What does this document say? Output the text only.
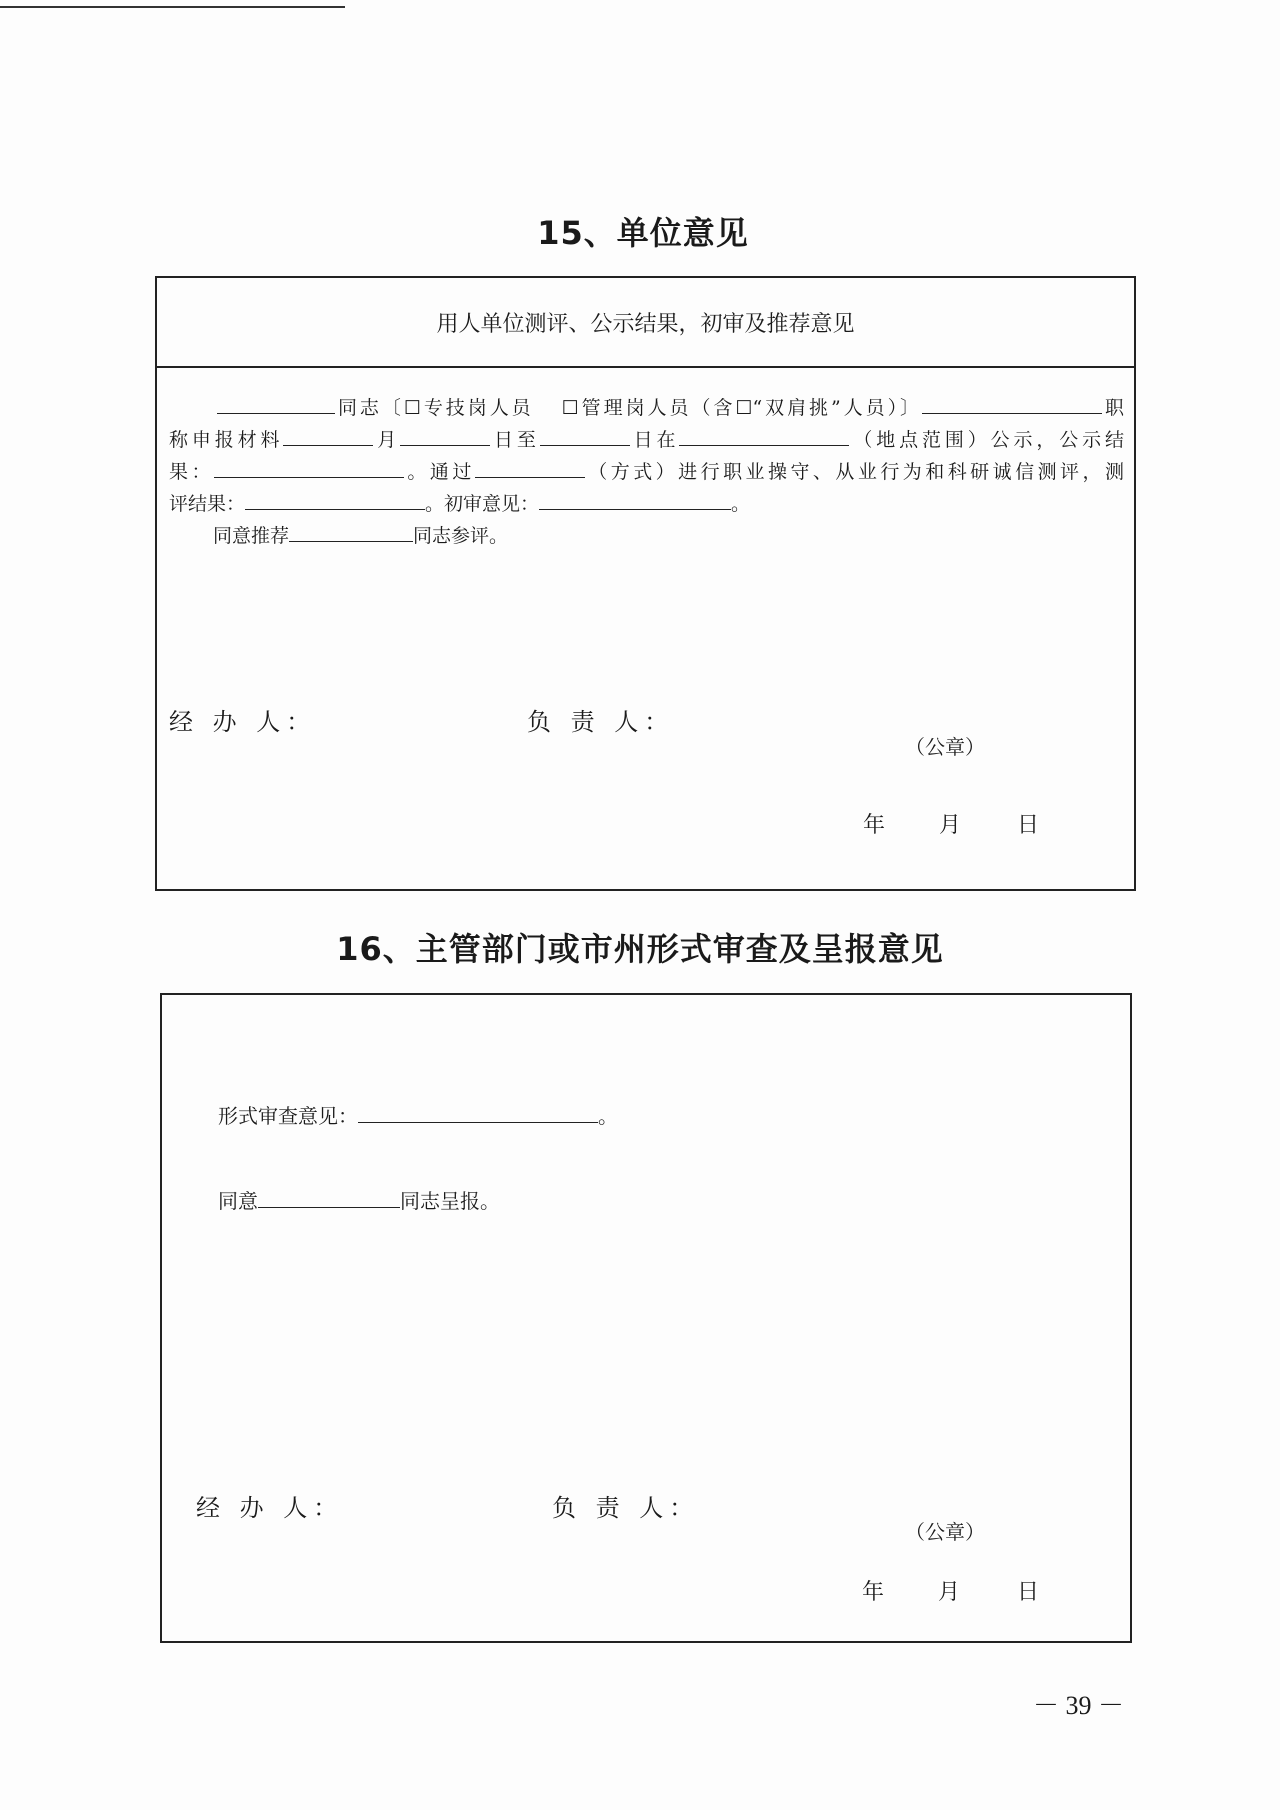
15、单位意见
用人单位测评、公示结果，初审及推荐意见
同志〔☐专技岗人员 ☐管理岗人员（含☐“双肩挑”人员）〕	职
称申报材料	月	日至	日在	（地点范围）公示，公示结
果：	。通过	（方式）进行职业操守、从业行为和科研诚信测评，测
评结果：	。初审意见：	。
同意推荐	同志参评。
经 办 人：	负 责 人：
（公章）
年 月	日
16、主管部门或市州形式审查及呈报意见
形式审查意见：	。
同意	同志呈报。
经 办 人：	负 责 人：
（公章）
年 月	日
－ 39 －
